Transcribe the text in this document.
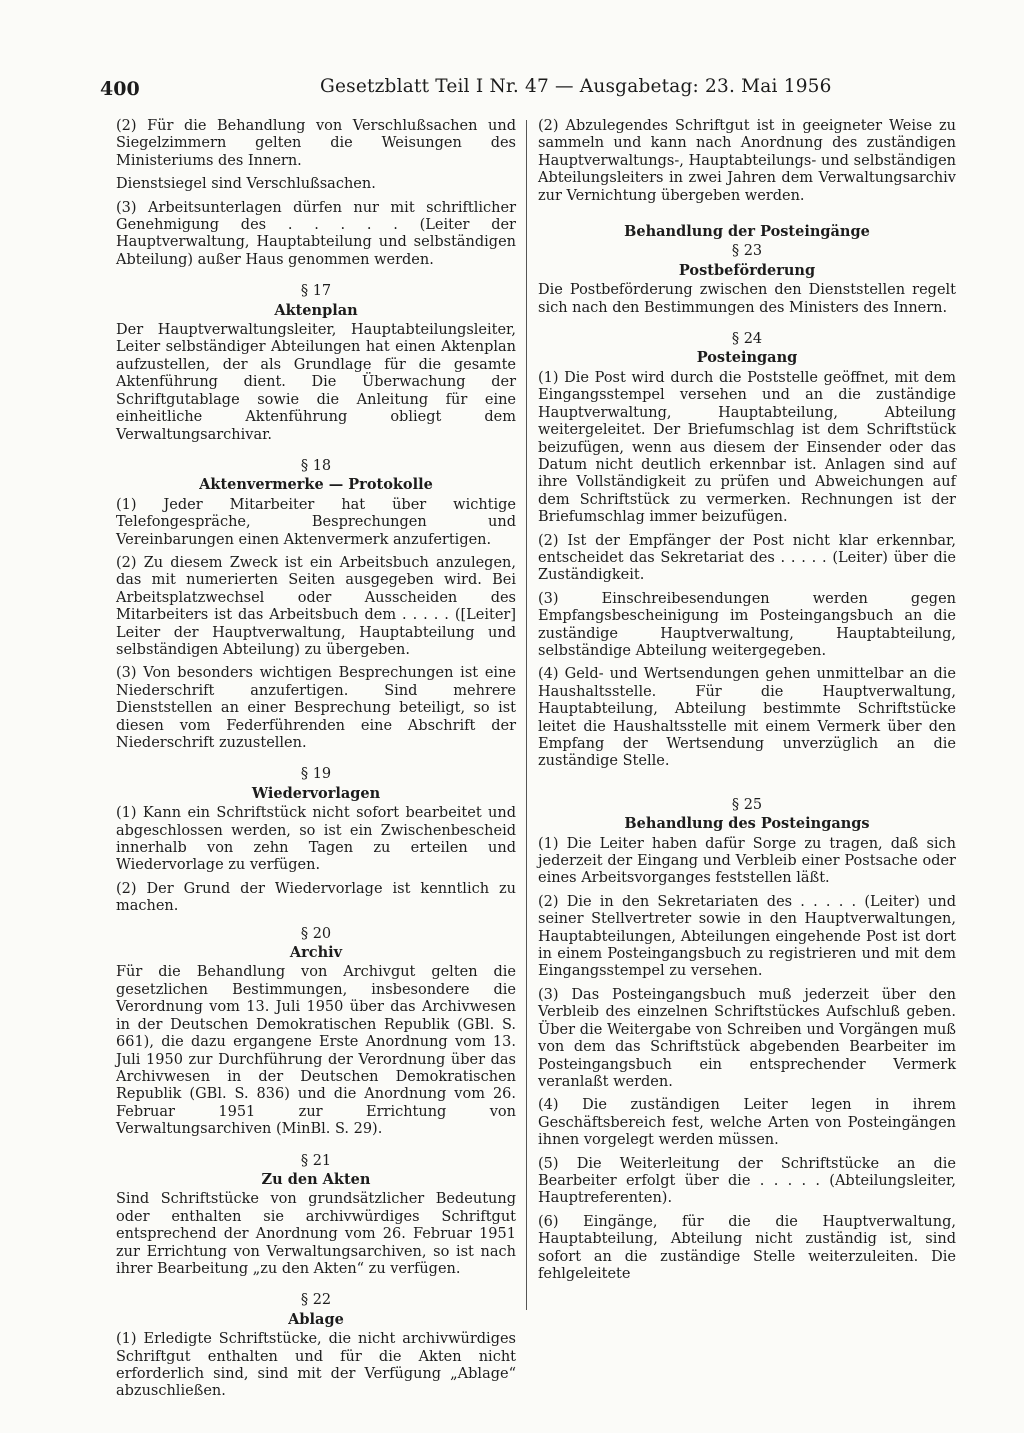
400	Gesetzblatt Teil I Nr. 47 — Ausgabetag: 23. Mai 1956

(2) Für die Behandlung von Verschlußsachen und Siegelzimmern gelten die Weisungen des Ministeriums des Innern.

Dienstsiegel sind Verschlußsachen.

(3) Arbeitsunterlagen dürfen nur mit schriftlicher Genehmigung des . . . . . (Leiter der Hauptverwaltung, Hauptabteilung und selbständigen Abteilung) außer Haus genommen werden.

§ 17
Aktenplan

Der Hauptverwaltungsleiter, Hauptabteilungsleiter, Leiter selbständiger Abteilungen hat einen Aktenplan aufzustellen, der als Grundlage für die gesamte Aktenführung dient. Die Überwachung der Schriftgutablage sowie die Anleitung für eine einheitliche Aktenführung obliegt dem Verwaltungsarchivar.

§ 18
Aktenvermerke — Protokolle

(1) Jeder Mitarbeiter hat über wichtige Telefongespräche, Besprechungen und Vereinbarungen einen Aktenvermerk anzufertigen.

(2) Zu diesem Zweck ist ein Arbeitsbuch anzulegen, das mit numerierten Seiten ausgegeben wird. Bei Arbeitsplatzwechsel oder Ausscheiden des Mitarbeiters ist das Arbeitsbuch dem . . . . . ([Leiter] Leiter der Hauptverwaltung, Hauptabteilung und selbständigen Abteilung) zu übergeben.

(3) Von besonders wichtigen Besprechungen ist eine Niederschrift anzufertigen. Sind mehrere Dienststellen an einer Besprechung beteiligt, so ist diesen vom Federführenden eine Abschrift der Niederschrift zuzustellen.

§ 19
Wiedervorlagen

(1) Kann ein Schriftstück nicht sofort bearbeitet und abgeschlossen werden, so ist ein Zwischenbescheid innerhalb von zehn Tagen zu erteilen und Wiedervorlage zu verfügen.

(2) Der Grund der Wiedervorlage ist kenntlich zu machen.

§ 20
Archiv

Für die Behandlung von Archivgut gelten die gesetzlichen Bestimmungen, insbesondere die Verordnung vom 13. Juli 1950 über das Archivwesen in der Deutschen Demokratischen Republik (GBl. S. 661), die dazu ergangene Erste Anordnung vom 13. Juli 1950 zur Durchführung der Verordnung über das Archivwesen in der Deutschen Demokratischen Republik (GBl. S. 836) und die Anordnung vom 26. Februar 1951 zur Errichtung von Verwaltungsarchiven (MinBl. S. 29).

§ 21
Zu den Akten

Sind Schriftstücke von grundsätzlicher Bedeutung oder enthalten sie archivwürdiges Schriftgut entsprechend der Anordnung vom 26. Februar 1951 zur Errichtung von Verwaltungsarchiven, so ist nach ihrer Bearbeitung „zu den Akten“ zu verfügen.

§ 22
Ablage

(1) Erledigte Schriftstücke, die nicht archivwürdiges Schriftgut enthalten und für die Akten nicht erforderlich sind, sind mit der Verfügung „Ablage“ abzuschließen.

(2) Abzulegendes Schriftgut ist in geeigneter Weise zu sammeln und kann nach Anordnung des zuständigen Hauptverwaltungs-, Hauptabteilungs- und selbständigen Abteilungsleiters in zwei Jahren dem Verwaltungsarchiv zur Vernichtung übergeben werden.

Behandlung der Posteingänge
§ 23
Postbeförderung

Die Postbeförderung zwischen den Dienststellen regelt sich nach den Bestimmungen des Ministers des Innern.

§ 24
Posteingang

(1) Die Post wird durch die Poststelle geöffnet, mit dem Eingangsstempel versehen und an die zuständige Hauptverwaltung, Hauptabteilung, Abteilung weitergeleitet. Der Briefumschlag ist dem Schriftstück beizufügen, wenn aus diesem der Einsender oder das Datum nicht deutlich erkennbar ist. Anlagen sind auf ihre Vollständigkeit zu prüfen und Abweichungen auf dem Schriftstück zu vermerken. Rechnungen ist der Briefumschlag immer beizufügen.

(2) Ist der Empfänger der Post nicht klar erkennbar, entscheidet das Sekretariat des . . . . . (Leiter) über die Zuständigkeit.

(3) Einschreibesendungen werden gegen Empfangsbescheinigung im Posteingangsbuch an die zuständige Hauptverwaltung, Hauptabteilung, selbständige Abteilung weitergegeben.

(4) Geld- und Wertsendungen gehen unmittelbar an die Haushaltsstelle. Für die Hauptverwaltung, Hauptabteilung, Abteilung bestimmte Schriftstücke leitet die Haushaltsstelle mit einem Vermerk über den Empfang der Wertsendung unverzüglich an die zuständige Stelle.

§ 25
Behandlung des Posteingangs

(1) Die Leiter haben dafür Sorge zu tragen, daß sich jederzeit der Eingang und Verbleib einer Postsache oder eines Arbeitsvorganges feststellen läßt.

(2) Die in den Sekretariaten des . . . . . (Leiter) und seiner Stellvertreter sowie in den Hauptverwaltungen, Hauptabteilungen, Abteilungen eingehende Post ist dort in einem Posteingangsbuch zu registrieren und mit dem Eingangsstempel zu versehen.

(3) Das Posteingangsbuch muß jederzeit über den Verbleib des einzelnen Schriftstückes Aufschluß geben. Über die Weitergabe von Schreiben und Vorgängen muß von dem das Schriftstück abgebenden Bearbeiter im Posteingangsbuch ein entsprechender Vermerk veranlaßt werden.

(4) Die zuständigen Leiter legen in ihrem Geschäftsbereich fest, welche Arten von Posteingängen ihnen vorgelegt werden müssen.

(5) Die Weiterleitung der Schriftstücke an die Bearbeiter erfolgt über die . . . . . (Abteilungsleiter, Hauptreferenten).

(6) Eingänge, für die die Hauptverwaltung, Hauptabteilung, Abteilung nicht zuständig ist, sind sofort an die zuständige Stelle weiterzuleiten. Die fehlgeleitete
